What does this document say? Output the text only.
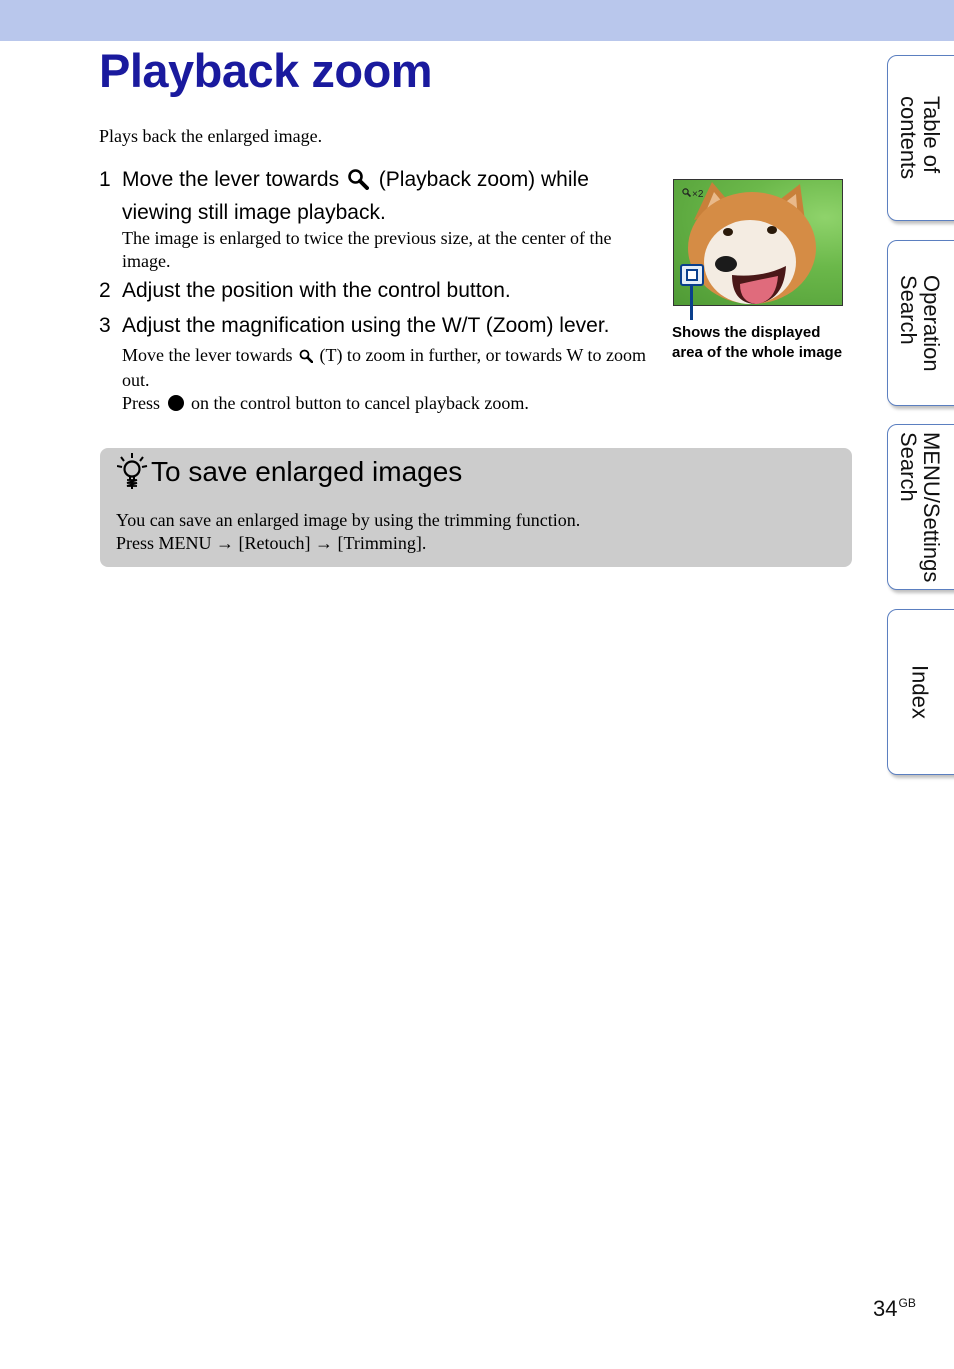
Playback zoom
Plays back the enlarged image.
1 Move the lever towards (Playback zoom) while viewing still image playback.
The image is enlarged to twice the previous size, at the center of the image.
2 Adjust the position with the control button.
3 Adjust the magnification using the W/T (Zoom) lever.
Move the lever towards (T) to zoom in further, or towards W to zoom out.
Press on the control button to cancel playback zoom.
×2
Shows the displayed area of the whole image
To save enlarged images
You can save an enlarged image by using the trimming function.
Press MENU → [Retouch] → [Trimming].
Table of
contents
Operation
Search
MENU/Settings
Search
Index
$34^{GB}$
